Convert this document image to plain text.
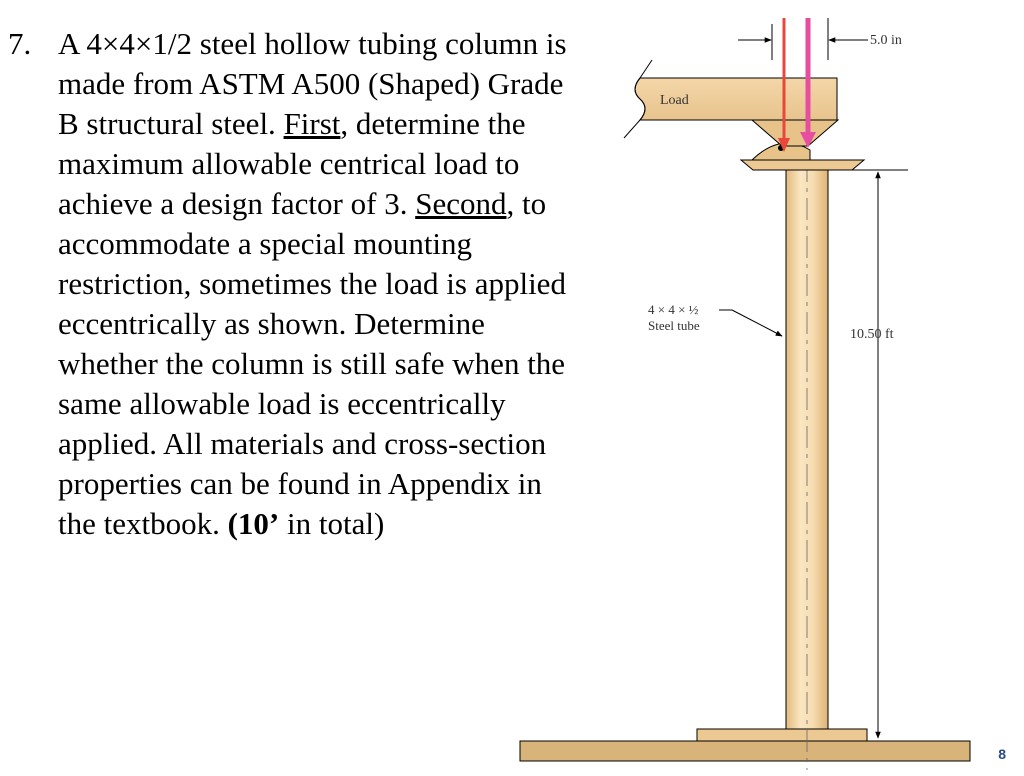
7. A 4×4×1/2 steel hollow tubing column is made from ASTM A500 (Shaped) Grade B structural steel. First, determine the maximum allowable centrical load to achieve a design factor of 3. Second, to accommodate a special mounting restriction, sometimes the load is applied eccentrically as shown. Determine whether the column is still safe when the same allowable load is eccentrically applied. All materials and cross-section properties can be found in Appendix in the textbook. (10’ in total)
Load
5.0 in
10.50 ft
4 × 4 × ½
Steel tube
8
